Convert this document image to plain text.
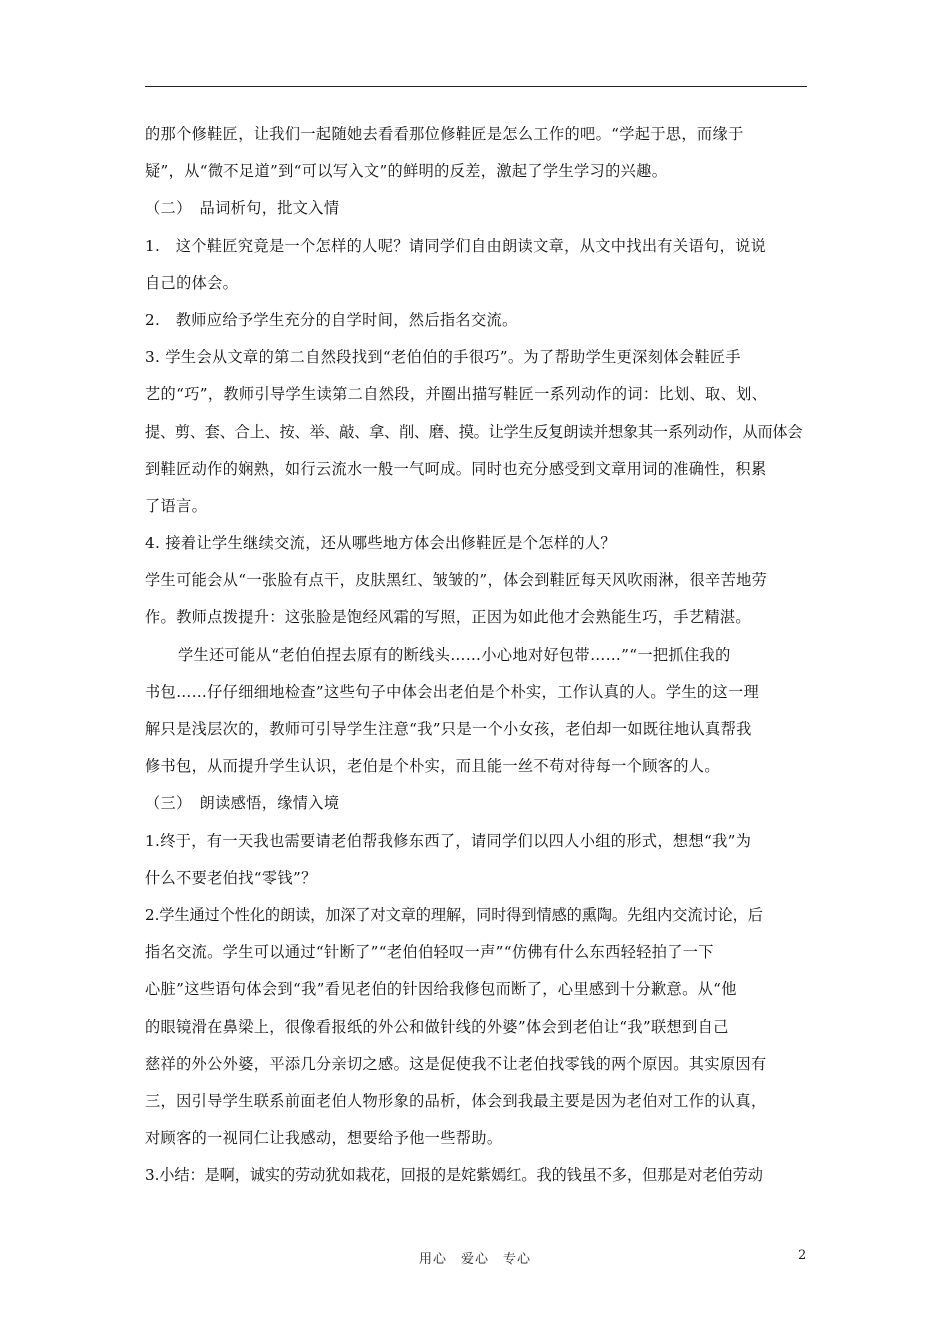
的那个修鞋匠，让我们一起随她去看看那位修鞋匠是怎么工作的吧。“学起于思，而缘于
疑”，从“微不足道”到“可以写入文”的鲜明的反差，激起了学生学习的兴趣。
（二）　品词析句，批文入情
1.　这个鞋匠究竟是一个怎样的人呢？请同学们自由朗读文章，从文中找出有关语句，说说
自己的体会。
2.　教师应给予学生充分的自学时间，然后指名交流。
3. 学生会从文章的第二自然段找到“老伯伯的手很巧”。为了帮助学生更深刻体会鞋匠手
艺的“巧”，教师引导学生读第二自然段，并圈出描写鞋匠一系列动作的词：比划、取、划、
提、剪、套、合上、按、举、敲、拿、削、磨、摸。让学生反复朗读并想象其一系列动作，从而体会
到鞋匠动作的娴熟，如行云流水一般一气呵成。同时也充分感受到文章用词的准确性，积累
了语言。
4. 接着让学生继续交流，还从哪些地方体会出修鞋匠是个怎样的人？
学生可能会从“一张脸有点干，皮肤黑红、皱皱的”，体会到鞋匠每天风吹雨淋，很辛苦地劳
作。教师点拨提升：这张脸是饱经风霜的写照，正因为如此他才会熟能生巧，手艺精湛。
学生还可能从“老伯伯捏去原有的断线头……小心地对好包带……”“一把抓住我的
书包……仔仔细细地检查”这些句子中体会出老伯是个朴实，工作认真的人。学生的这一理
解只是浅层次的，教师可引导学生注意“我”只是一个小女孩，老伯却一如既往地认真帮我
修书包，从而提升学生认识，老伯是个朴实，而且能一丝不苟对待每一个顾客的人。
（三）　朗读感悟，缘情入境
1.终于，有一天我也需要请老伯帮我修东西了，请同学们以四人小组的形式，想想“我”为
什么不要老伯找“零钱”？
2.学生通过个性化的朗读，加深了对文章的理解，同时得到情感的熏陶。先组内交流讨论，后
指名交流。学生可以通过“针断了”“老伯伯轻叹一声”“仿佛有什么东西轻轻拍了一下
心脏”这些语句体会到“我”看见老伯的针因给我修包而断了，心里感到十分歉意。从“他
的眼镜滑在鼻梁上，很像看报纸的外公和做针线的外婆”体会到老伯让“我”联想到自己
慈祥的外公外婆，平添几分亲切之感。这是促使我不让老伯找零钱的两个原因。其实原因有
三，因引导学生联系前面老伯人物形象的品析，体会到我最主要是因为老伯对工作的认真，
对顾客的一视同仁让我感动，想要给予他一些帮助。
3.小结：是啊，诚实的劳动犹如栽花，回报的是姹紫嫣红。我的钱虽不多，但那是对老伯劳动
用心　爱心　专心	2
